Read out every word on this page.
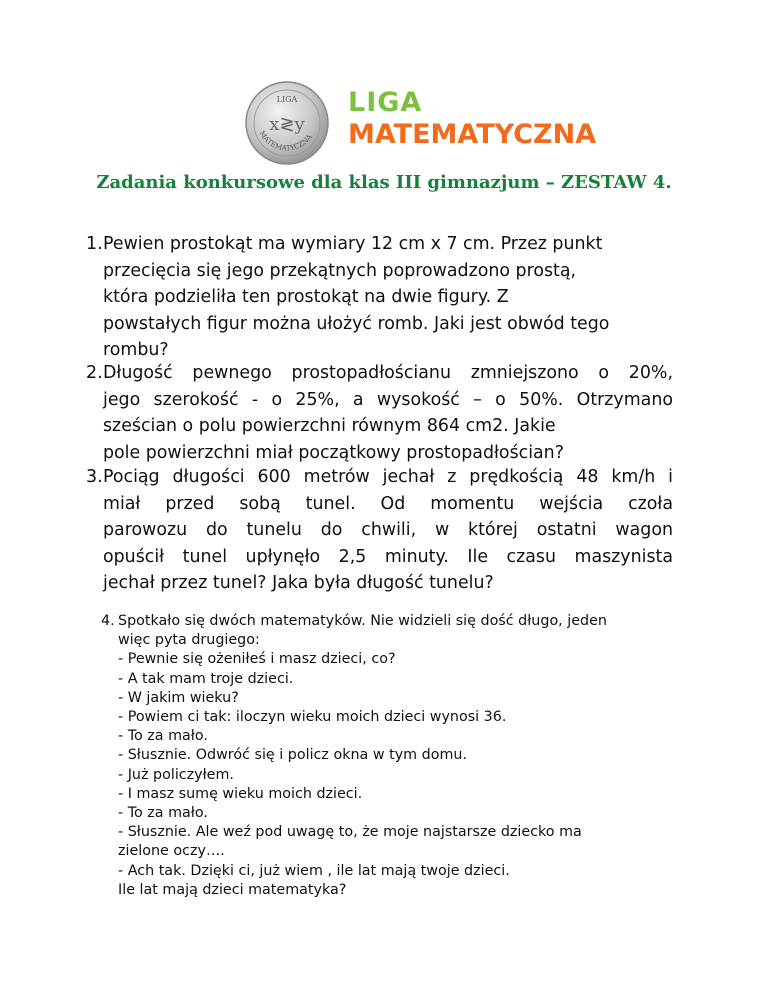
LIGA
x≷y
MATEMATYCZNA
LIGA
MATEMATYCZNA
Zadania konkursowe dla klas III gimnazjum – ZESTAW 4.
1. Pewien prostokąt ma wymiary 12 cm x 7 cm. Przez punkt
przecięcia się jego przekątnych poprowadzono prostą,
która podzieliła ten prostokąt na dwie figury. Z
powstałych figur można ułożyć romb. Jaki jest obwód tego
rombu?
2. Długość pewnego prostopadłościanu zmniejszono o 20%,
jego szerokość - o 25%, a wysokość – o 50%. Otrzymano
sześcian o polu powierzchni równym 864 cm2. Jakie
pole powierzchni miał początkowy prostopadłościan?
3. Pociąg długości 600 metrów jechał z prędkością 48 km/h i
miał przed sobą tunel. Od momentu wejścia czoła
parowozu do tunelu do chwili, w której ostatni wagon
opuścił tunel upłynęło 2,5 minuty. Ile czasu maszynista
jechał przez tunel? Jaka była długość tunelu?
4. Spotkało się dwóch matematyków. Nie widzieli się dość długo, jeden
więc pyta drugiego:
- Pewnie się ożeniłeś i masz dzieci, co?
- A tak mam troje dzieci.
- W jakim wieku?
- Powiem ci tak: iloczyn wieku moich dzieci wynosi 36.
- To za mało.
- Słusznie. Odwróć się i policz okna w tym domu.
- Już policzyłem.
- I masz sumę wieku moich dzieci.
- To za mało.
- Słusznie. Ale weź pod uwagę to, że moje najstarsze dziecko ma
zielone oczy….
- Ach tak. Dzięki ci, już wiem , ile lat mają twoje dzieci.
Ile lat mają dzieci matematyka?
